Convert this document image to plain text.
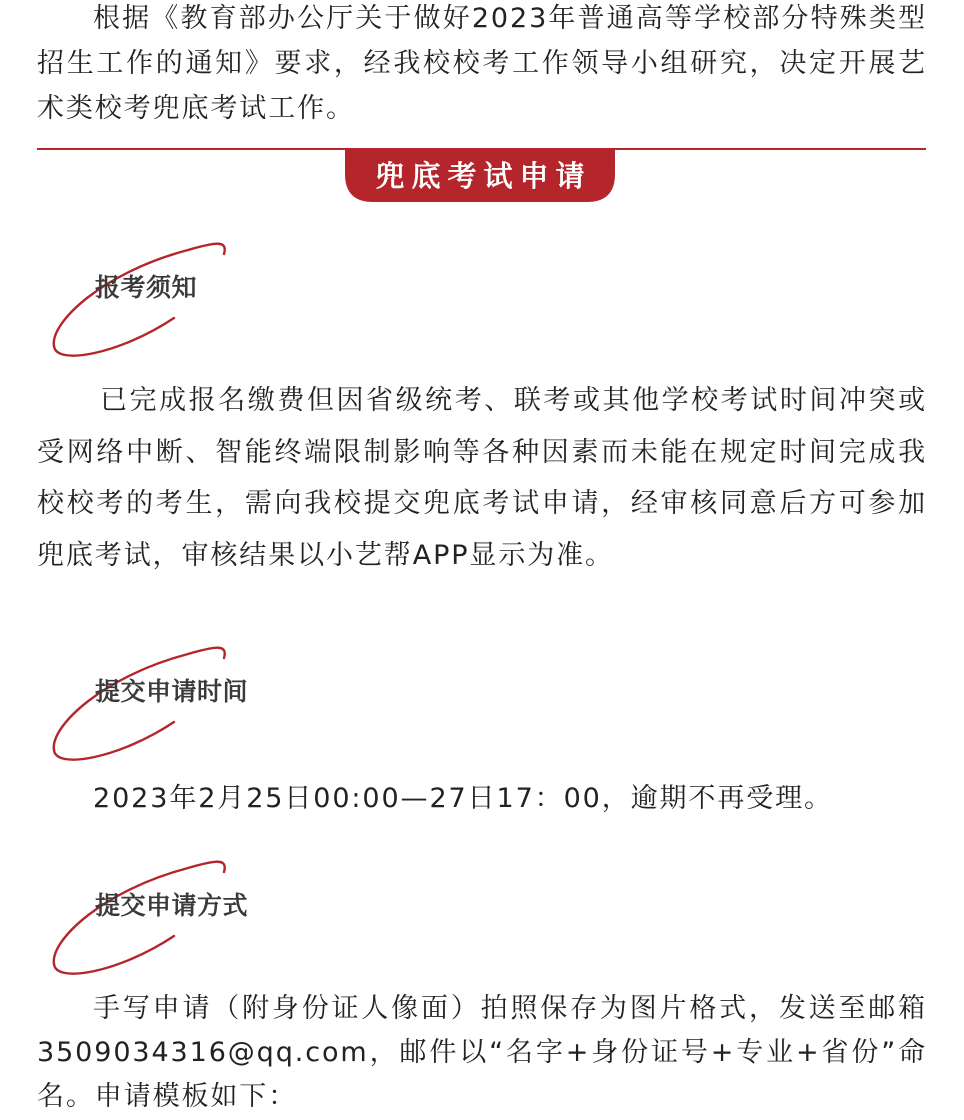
根据《教育部办公厅关于做好2023年普通高等学校部分特殊类型招生工作的通知》要求，经我校校考工作领导小组研究，决定开展艺术类校考兜底考试工作。

兜底考试申请
报考须知

已完成报名缴费但因省级统考、联考或其他学校考试时间冲突或受网络中断、智能终端限制影响等各种因素而未能在规定时间完成我校校考的考生，需向我校提交兜底考试申请，经审核同意后方可参加兜底考试，审核结果以小艺帮APP显示为准。

提交申请时间

2023年2月25日00:00—27日17：00，逾期不再受理。

提交申请方式

手写申请（附身份证人像面）拍照保存为图片格式，发送至邮箱3509034316@qq.com，邮件以“名字+身份证号+专业+省份”命名。申请模板如下：
